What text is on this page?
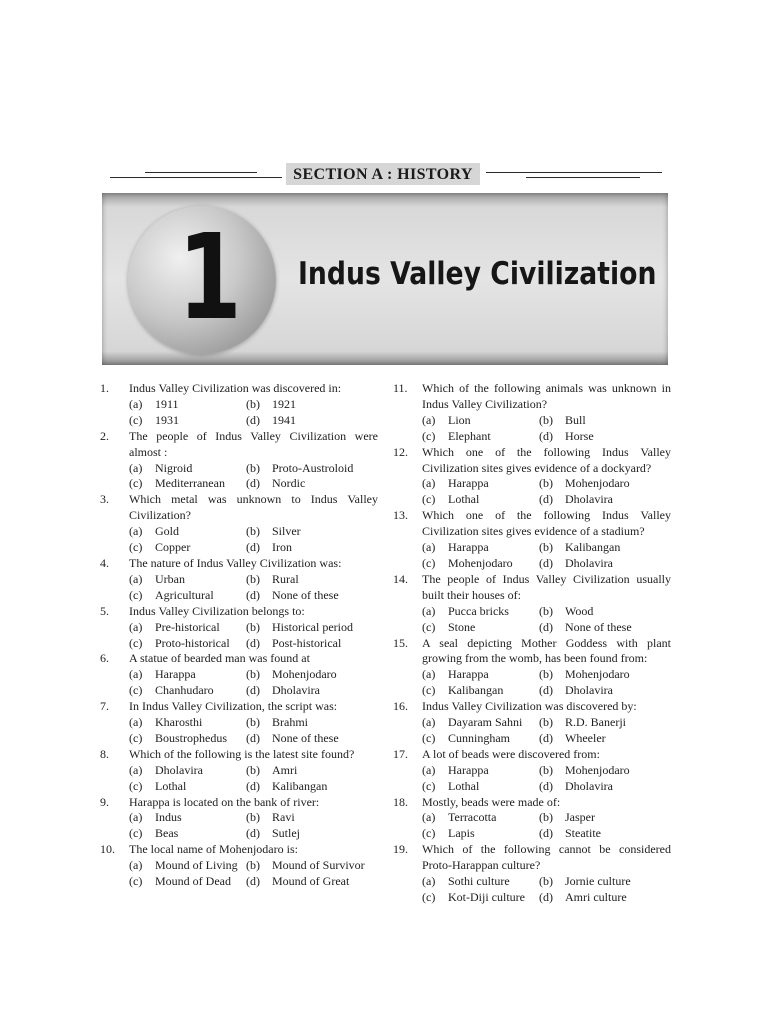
SECTION A : HISTORY
1 Indus Valley Civilization
1. Indus Valley Civilization was discovered in:
(a) 1911	(b) 1921
(c) 1931	(d) 1941
2. The people of Indus Valley Civilization were almost :
(a) Nigroid	(b) Proto-Austroloid
(c) Mediterranean	(d) Nordic
3. Which metal was unknown to Indus Valley Civilization?
(a) Gold	(b) Silver
(c) Copper	(d) Iron
4. The nature of Indus Valley Civilization was:
(a) Urban	(b) Rural
(c) Agricultural	(d) None of these
5. Indus Valley Civilization belongs to:
(a) Pre-historical	(b) Historical period
(c) Proto-historical	(d) Post-historical
6. A statue of bearded man was found at
(a) Harappa	(b) Mohenjodaro
(c) Chanhudaro	(d) Dholavira
7. In Indus Valley Civilization, the script was:
(a) Kharosthi	(b) Brahmi
(c) Boustrophedus	(d) None of these
8. Which of the following is the latest site found?
(a) Dholavira	(b) Amri
(c) Lothal	(d) Kalibangan
9. Harappa is located on the bank of river:
(a) Indus	(b) Ravi
(c) Beas	(d) Sutlej
10. The local name of Mohenjodaro is:
(a) Mound of Living (b) Mound of Survivor
(c) Mound of Dead	(d) Mound of Great
11. Which of the following animals was unknown in Indus Valley Civilization?
(a) Lion	(b) Bull
(c) Elephant	(d) Horse
12. Which one of the following Indus Valley Civilization sites gives evidence of a dockyard?
(a) Harappa	(b) Mohenjodaro
(c) Lothal	(d) Dholavira
13. Which one of the following Indus Valley Civilization sites gives evidence of a stadium?
(a) Harappa	(b) Kalibangan
(c) Mohenjodaro	(d) Dholavira
14. The people of Indus Valley Civilization usually built their houses of:
(a) Pucca bricks	(b) Wood
(c) Stone	(d) None of these
15. A seal depicting Mother Goddess with plant growing from the womb, has been found from:
(a) Harappa	(b) Mohenjodaro
(c) Kalibangan	(d) Dholavira
16. Indus Valley Civilization was discovered by:
(a) Dayaram Sahni	(b) R.D. Banerji
(c) Cunningham	(d) Wheeler
17. A lot of beads were discovered from:
(a) Harappa	(b) Mohenjodaro
(c) Lothal	(d) Dholavira
18. Mostly, beads were made of:
(a) Terracotta	(b) Jasper
(c) Lapis	(d) Steatite
19. Which of the following cannot be considered Proto-Harappan culture?
(a) Sothi culture	(b) Jornie culture
(c) Kot-Diji culture	(d) Amri culture
